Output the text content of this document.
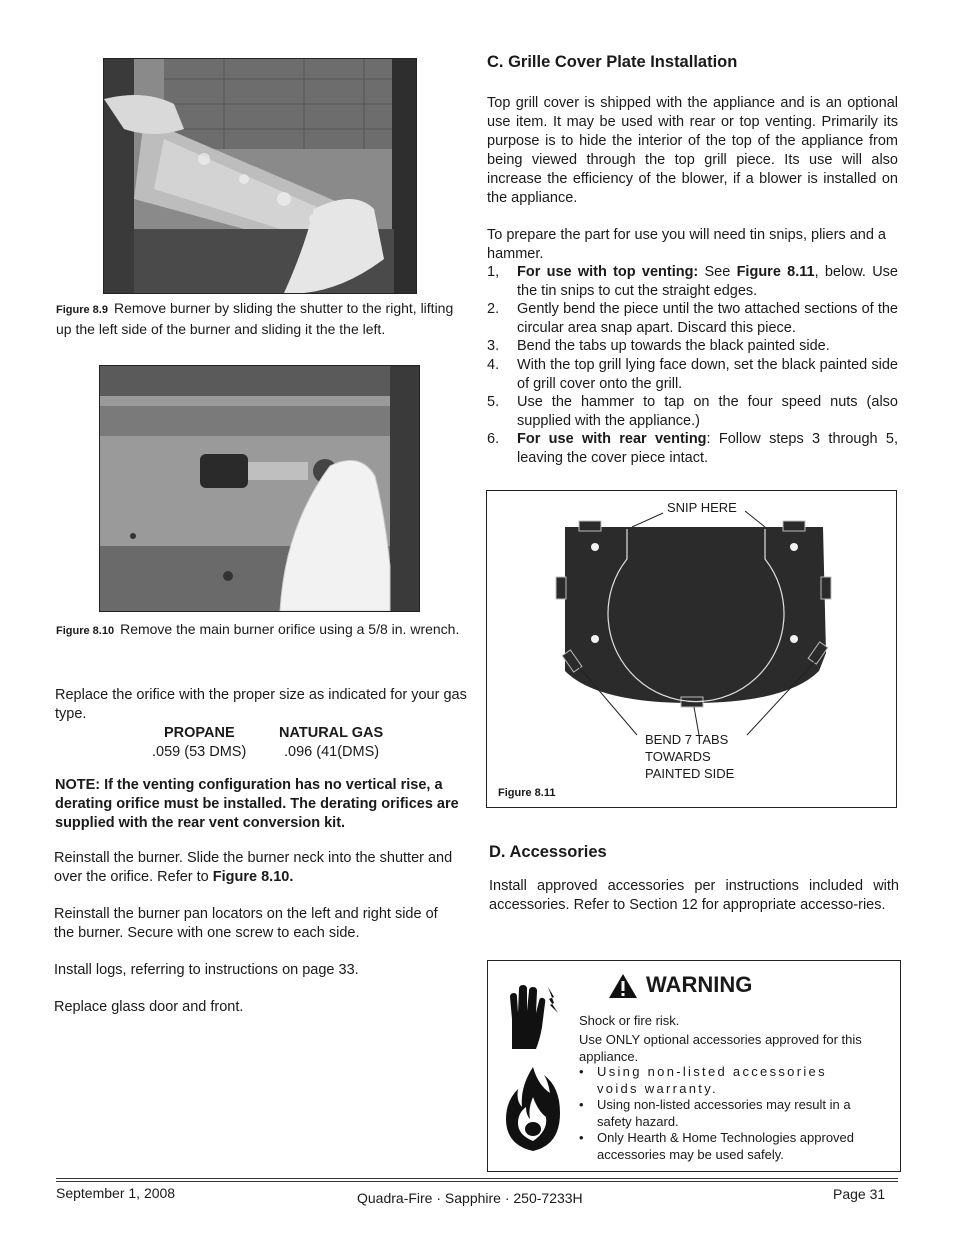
Figure 8.9 Remove burner by sliding the shutter to the right, lifting up the left side of the burner and sliding it the the left.
Figure 8.10 Remove the main burner orifice using a 5/8 in. wrench.
Replace the orifice with the proper size as indicated for your gas type.
PROPANE	NATURAL GAS
.059 (53 DMS)	.096 (41(DMS)
NOTE: If the venting configuration has no vertical rise, a derating orifice must be installed. The derating orifices are supplied with the rear vent conversion kit.
Reinstall the burner. Slide the burner neck into the shutter and over the orifice. Refer to Figure 8.10.
Reinstall the burner pan locators on the left and right side of the burner. Secure with one screw to each side.
Install logs, referring to instructions on page 33.
Replace glass door and front.
C. Grille Cover Plate Installation
Top grill cover is shipped with the appliance and is an optional use item. It may be used with rear or top venting. Primarily its purpose is to hide the interior of the top of the appliance from being viewed through the top grill piece. Its use will also increase the efficiency of the blower, if a blower is installed on the appliance.
To prepare the part for use you will need tin snips, pliers and a hammer.
1, For use with top venting: See Figure 8.11, below. Use the tin snips to cut the straight edges.
2. Gently bend the piece until the two attached sections of the circular area snap apart. Discard this piece.
3. Bend the tabs up towards the black painted side.
4. With the top grill lying face down, set the black painted side of grill cover onto the grill.
5. Use the hammer to tap on the four speed nuts (also supplied with the appliance.)
6. For use with rear venting: Follow steps 3 through 5, leaving the cover piece intact.
SNIP HERE
BEND 7 TABS
TOWARDS
PAINTED SIDE
Figure 8.11
D. Accessories
Install approved accessories per instructions included with accessories. Refer to Section 12 for appropriate accesso-ries.
WARNING
Shock or fire risk.
Use ONLY optional accessories approved for this appliance.
• Using non-listed accessories voids warranty.
• Using non-listed accessories may result in a safety hazard.
• Only Hearth & Home Technologies approved accessories may be used safely.
September 1, 2008	Quadra-Fire · Sapphire · 250-7233H	Page 31
